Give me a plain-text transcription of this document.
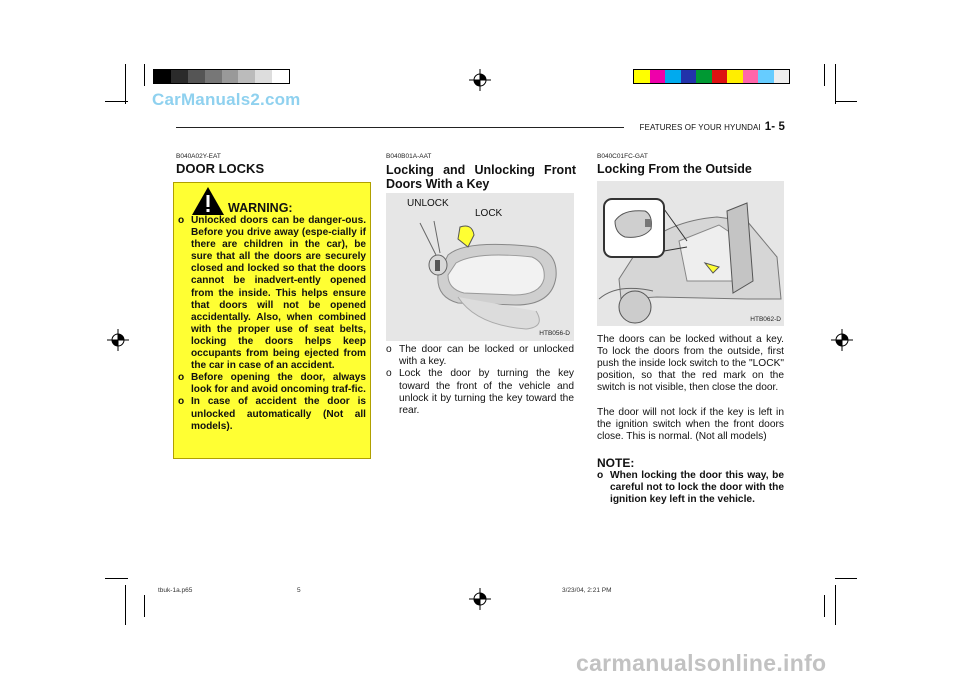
CarManuals2.com
FEATURES OF YOUR HYUNDAI 1- 5
B040A02Y-EAT
DOOR LOCKS
WARNING:
o Unlocked doors can be danger-ous. Before you drive away (espe-cially if there are children in the car), be sure that all the doors are securely closed and locked so that the doors cannot be inadvert-ently opened from the inside. This helps ensure that doors will not be opened accidentally. Also, when combined with the proper use of seat belts, locking the doors helps keep occupants from being ejected from the car in case of an accident.
o Before opening the door, always look for and avoid oncoming traf-fic.
o In case of accident the door is unlocked automatically (Not all models).
B040B01A-AAT
Locking and Unlocking Front Doors With a Key
UNLOCK
LOCK
HTB056-D
o The door can be locked or unlocked with a key.
o Lock the door by turning the key toward the front of the vehicle and unlock it by turning the key toward the rear.
B040C01FC-GAT
Locking From the Outside
HTB062-D
The doors can be locked without a key. To lock the doors from the outside, first push the inside lock switch to the "LOCK" position, so that the red mark on the switch is not visible, then close the door.
The door will not lock if the key is left in the ignition switch when the front doors close. This is normal. (Not all models)
NOTE:
o When locking the door this way, be careful not to lock the door with the ignition key left in the vehicle.
tbuk-1a.p65	5	3/23/04, 2:21 PM
carmanualsonline.info
